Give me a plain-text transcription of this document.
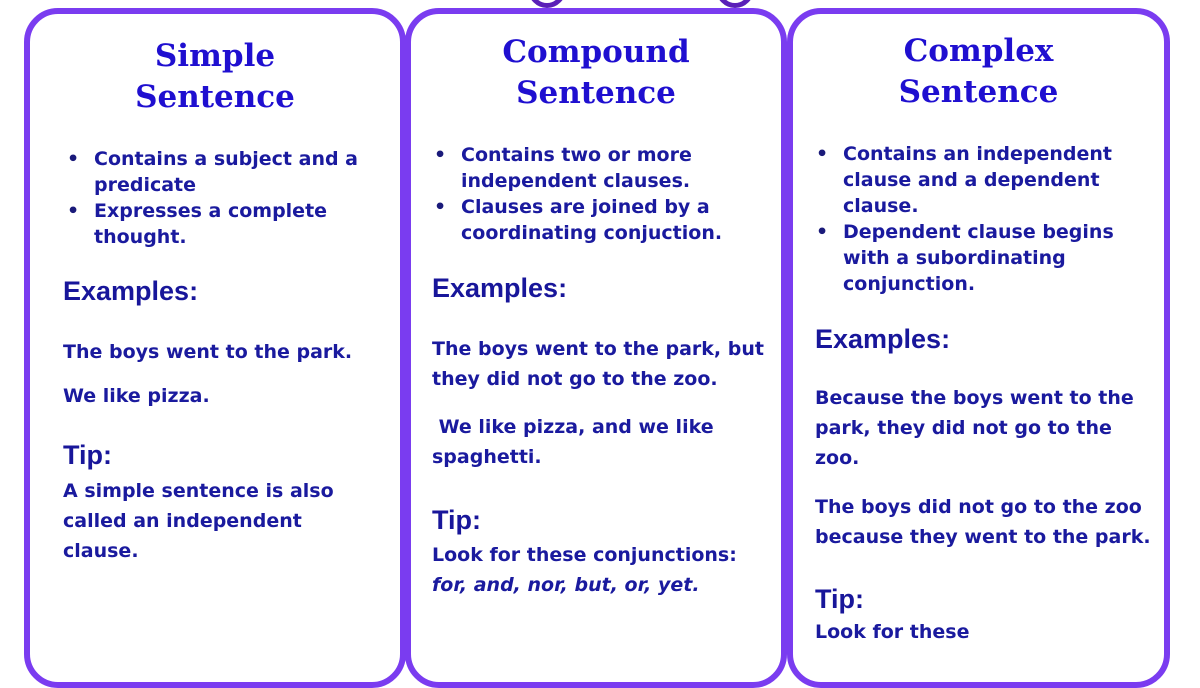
Simple
Sentence
• Contains a subject and a predicate
• Expresses a complete thought.
Examples:

The boys went to the park.

We like pizza.

Tip:

A simple sentence is also called an independent clause.

Compound
Sentence
• Contains two or more independent clauses.
• Clauses are joined by a coordinating conjuction.
Examples:

The boys went to the park, but they did not go to the zoo.

We like pizza, and we like spaghetti.

Tip:

Look for these conjunctions:

for, and, nor, but, or, yet.

Complex
Sentence
• Contains an independent clause and a dependent clause.
• Dependent clause begins with a subordinating conjunction.
Examples:

Because the boys went to the park, they did not go to the zoo.

The boys did not go to the zoo because they went to the park.

Tip:

Look for these
